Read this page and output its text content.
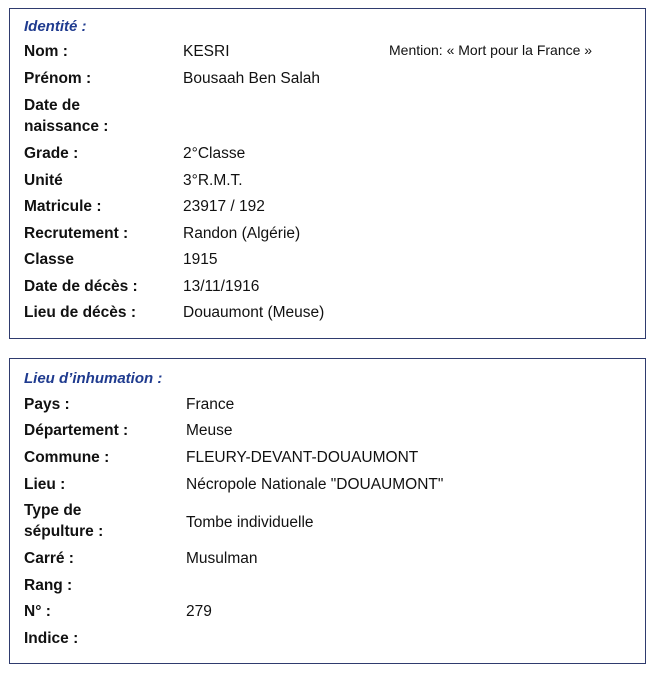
Identité :
Mention: « Mort pour la France »
Nom :	KESRI
Prénom :	Bousaah Ben Salah
Date de naissance :
Grade :	2°Classe
Unité	3°R.M.T.
Matricule :	23917 / 192
Recrutement :	Randon (Algérie)
Classe	1915
Date de décès :	13/11/1916
Lieu de décès :	Douaumont (Meuse)
Lieu d’inhumation :
Pays :	France
Département :	Meuse
Commune :	FLEURY-DEVANT-DOUAUMONT
Lieu :	Nécropole Nationale "DOUAUMONT"
Type de sépulture :
Tombe individuelle
Carré :	Musulman
Rang :
N° :	279
Indice :
